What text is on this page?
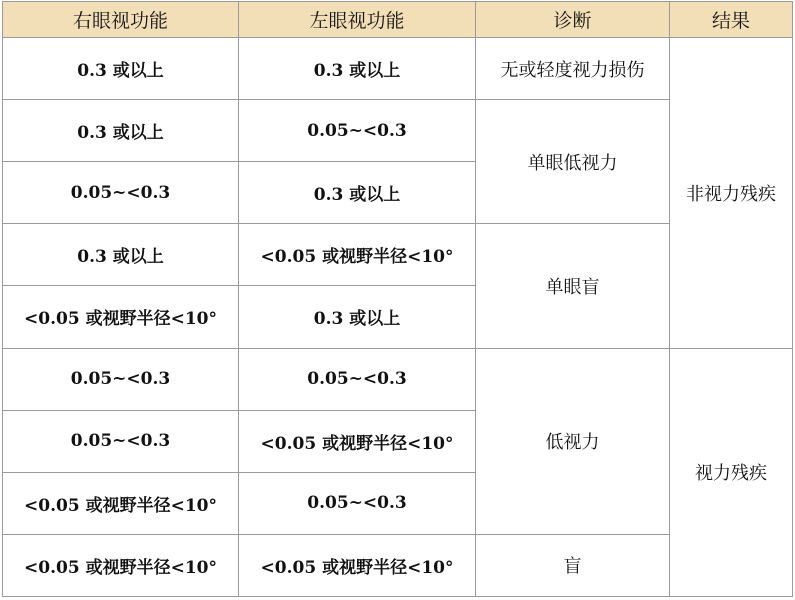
右眼视功能	左眼视功能	诊断	结果
0.3 或以上	0.3 或以上	无或轻度视力损伤	非视力残疾
0.3 或以上	0.05~<0.3	单眼低视力	
0.05~<0.3	0.3 或以上		
0.3 或以上	<0.05 或视野半径<10°	单眼盲	
<0.05 或视野半径<10°	0.3 或以上		
0.05~<0.3	0.05~<0.3	低视力	视力残疾
0.05~<0.3	<0.05 或视野半径<10°		
<0.05 或视野半径<10°	0.05~<0.3		
<0.05 或视野半径<10°	<0.05 或视野半径<10°	盲	
